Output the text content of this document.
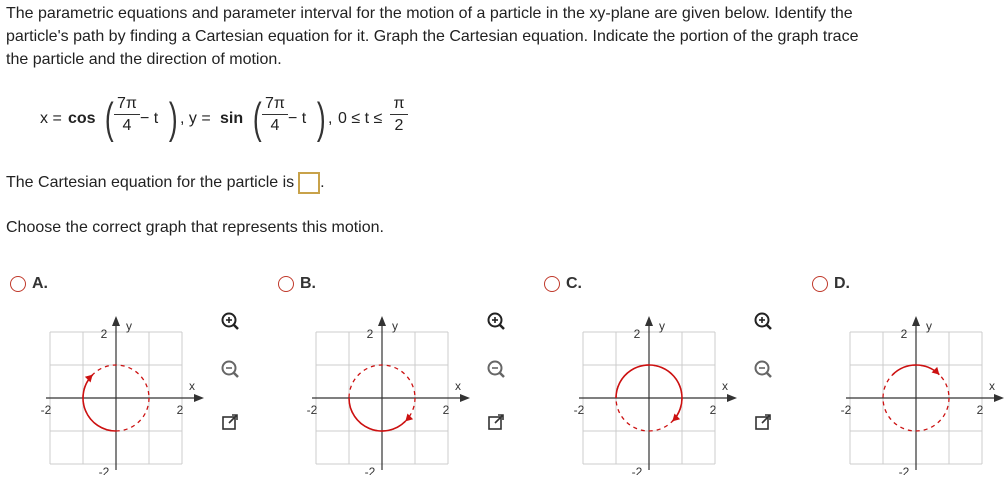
The parametric equations and parameter interval for the motion of a particle in the xy-plane are given below. Identify the
particle's path by finding a Cartesian equation for it. Graph the Cartesian equation. Indicate the portion of the graph trace
the particle and the direction of motion.
x = cos ( $\frac{7\pi}{4} - t$ ) , y = sin ( $\frac{7\pi}{4} - t$ ) , $0 \le t \le \frac{\pi}{2}$
The Cartesian equation for the particle is .
Choose the correct graph that represents this motion.
A.	B.	C.	D.
y
x
2
-2
2
-2
y
x
2
-2
2
-2
y
x
2
-2
2
-2
y
x
2
-2
2
-2
